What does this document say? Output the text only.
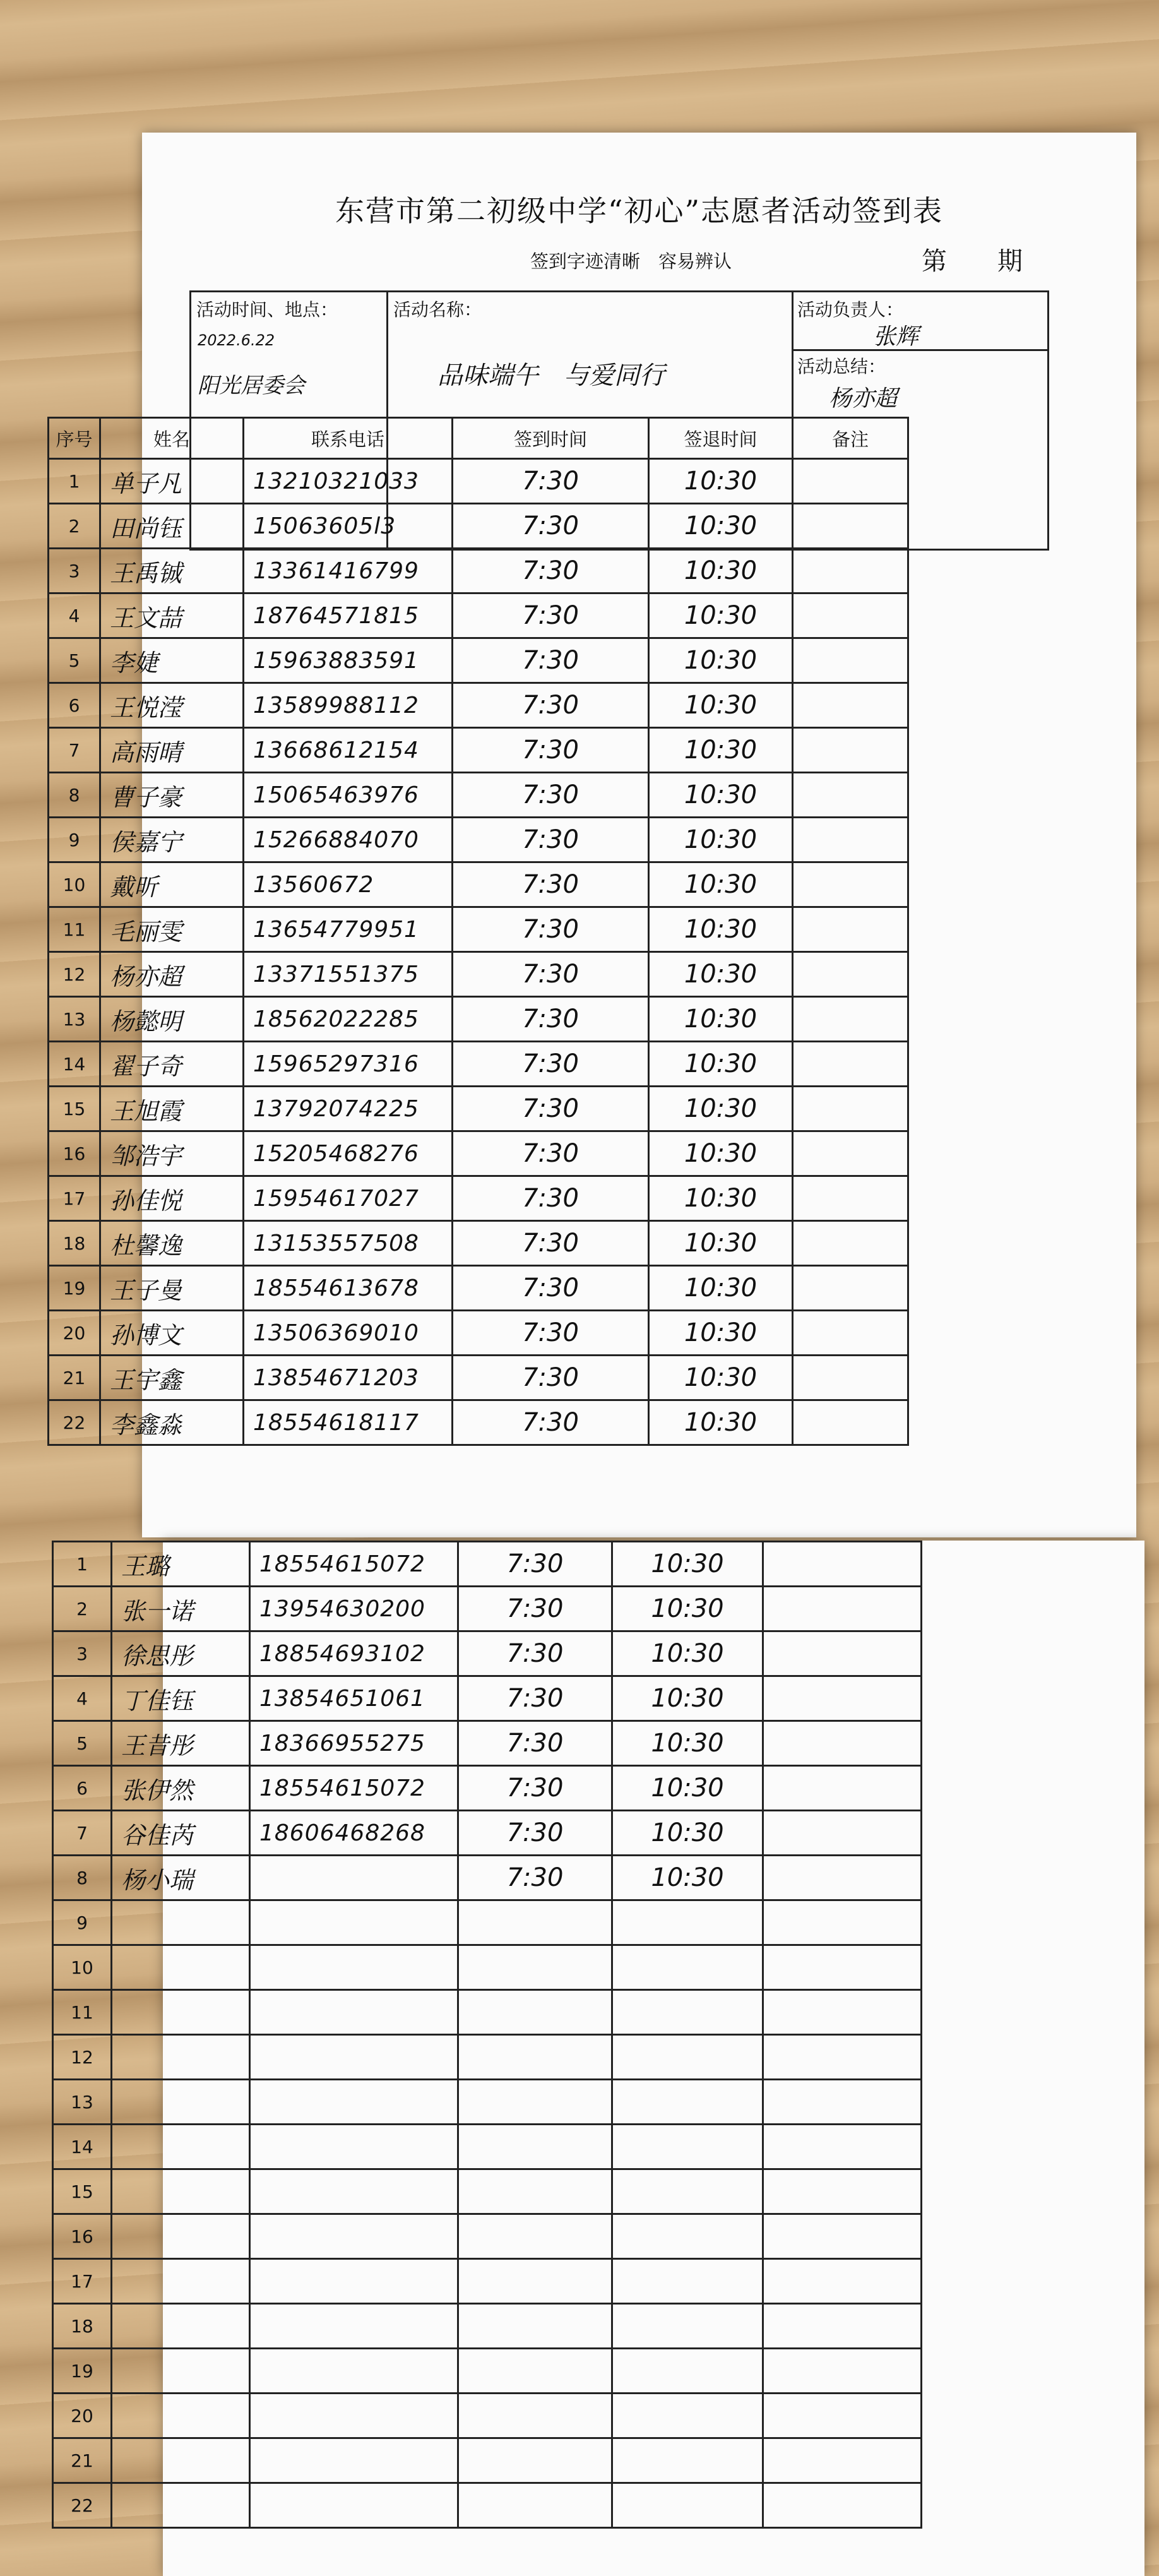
东营市第二初级中学“初心”志愿者活动签到表
签到字迹清晰　容易辨认	第　　期
活动时间、地点：
2022.6.22
阳光居委会
活动名称：
品味端午　与爱同行
活动负责人：
张辉
活动总结：
杨亦超
序号	姓名	联系电话	签到时间	签退时间	备注
1	单子凡	13210321033	7:30	10:30	
2	田尚钰	15063605l3	7:30	10:30	
3	王禹铖	13361416799	7:30	10:30	
4	王文喆	18764571815	7:30	10:30	
5	李婕	15963883591	7:30	10:30	
6	王悦滢	13589988112	7:30	10:30	
7	高雨晴	13668612154	7:30	10:30	
8	曹子豪	15065463976	7:30	10:30	
9	侯嘉宁	15266884070	7:30	10:30	
10	戴昕	13560672	7:30	10:30	
11	毛丽雯	13654779951	7:30	10:30	
12	杨亦超	13371551375	7:30	10:30	
13	杨懿明	18562022285	7:30	10:30	
14	翟子奇	15965297316	7:30	10:30	
15	王旭霞	13792074225	7:30	10:30	
16	邹浩宇	15205468276	7:30	10:30	
17	孙佳悦	15954617027	7:30	10:30	
18	杜馨逸	13153557508	7:30	10:30	
19	王子曼	18554613678	7:30	10:30	
20	孙博文	13506369010	7:30	10:30	
21	王宇鑫	13854671203	7:30	10:30	
22	李鑫淼	18554618117	7:30	10:30	
1	王璐	18554615072	7:30	10:30	
2	张一诺	13954630200	7:30	10:30	
3	徐思彤	18854693102	7:30	10:30	
4	丁佳钰	13854651061	7:30	10:30	
5	王昔彤	18366955275	7:30	10:30	
6	张伊然	18554615072	7:30	10:30	
7	谷佳芮	18606468268	7:30	10:30	
8	杨小瑞		7:30	10:30	
9					
10					
11					
12					
13					
14					
15					
16					
17					
18					
19					
20					
21					
22					
